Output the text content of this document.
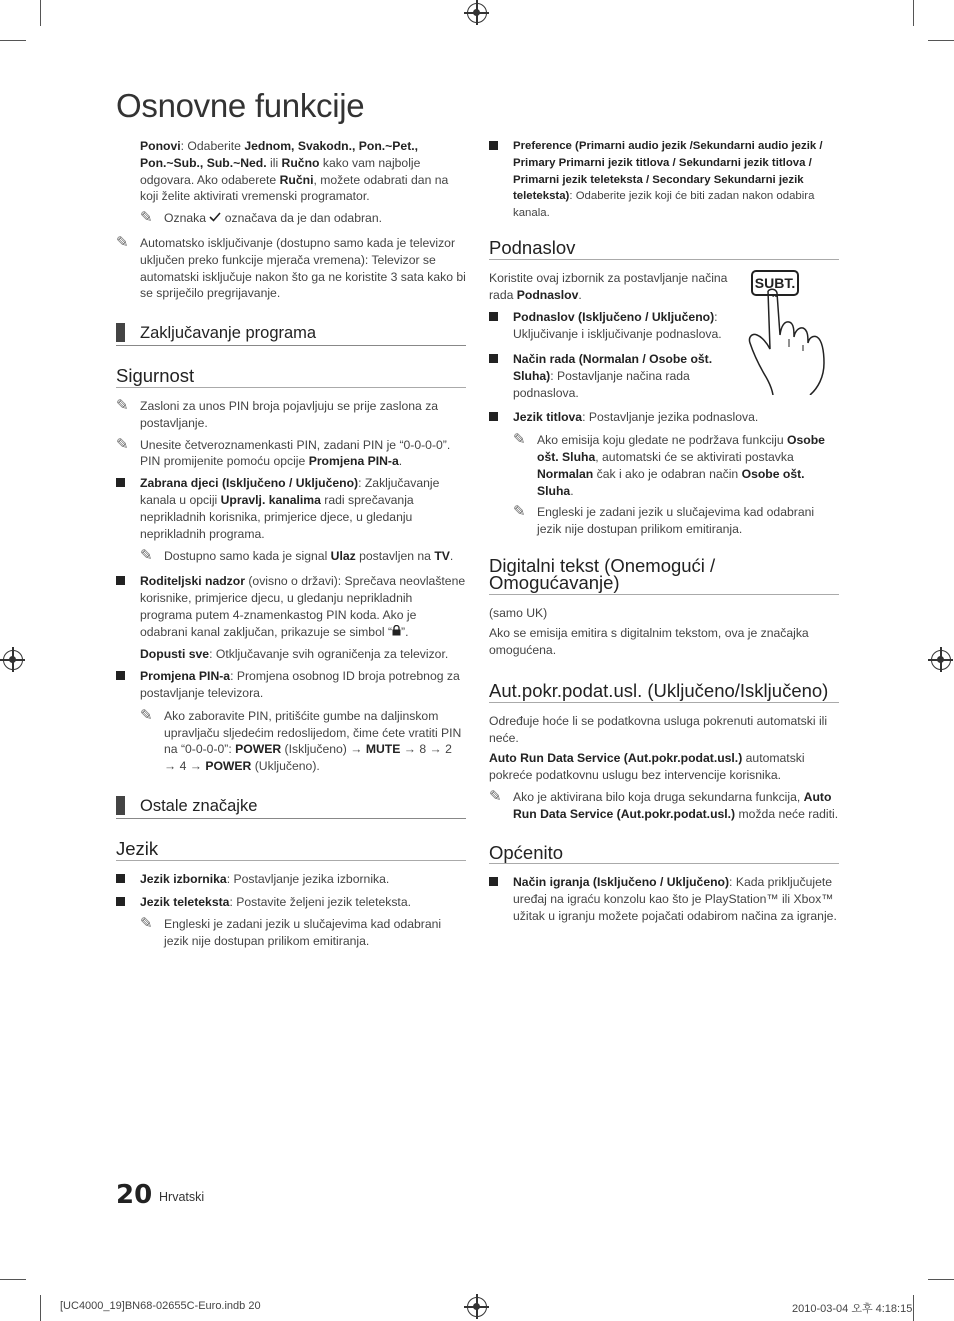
Osnovne funkcije
Ponovi: Odaberite Jednom, Svakodn., Pon.~Pet., Pon.~Sub., Sub.~Ned. ili Ručno kako vam najbolje odgovara. Ako odaberete Ručni, možete odabrati dan na koji želite aktivirati vremenski programator.
✎ Oznaka  označava da je dan odabran.
✎ Automatsko isključivanje (dostupno samo kada je televizor uključen preko funkcije mjerača vremena): Televizor se automatski isključuje nakon što ga ne koristite 3 sata kako bi se spriječilo pregrijavanje.
Zaključavanje programa
Sigurnost
✎ Zasloni za unos PIN broja pojavljuju se prije zaslona za postavljanje.
✎ Unesite četveroznamenkasti PIN, zadani PIN je “0-0-0-0”. PIN promijenite pomoću opcije Promjena PIN-a.
Zabrana djeci (Isključeno / Uključeno): Zaključavanje kanala u opciji Upravlj. kanalima radi sprečavanja neprikladnih korisnika, primjerice djece, u gledanju neprikladnih programa.
✎ Dostupno samo kada je signal Ulaz postavljen na TV.
Roditeljski nadzor (ovisno o državi): Sprečava neovlaštene korisnike, primjerice djecu, u gledanju neprikladnih programa putem 4-znamenkastog PIN koda. Ako je odabrani kanal zaključan, prikazuje se simbol “ ”.
Dopusti sve: Otključavanje svih ograničenja za televizor.
Promjena PIN-a: Promjena osobnog ID broja potrebnog za postavljanje televizora.
✎ Ako zaboravite PIN, pritišćite gumbe na daljinskom upravljaču sljedećim redoslijedom, čime ćete vratiti PIN na “0-0-0-0”: POWER (Isključeno) → MUTE → 8 → 2 → 4 → POWER (Uključeno).
Ostale značajke
Jezik
Jezik izbornika: Postavljanje jezika izbornika.
Jezik teleteksta: Postavite željeni jezik teleteksta.
✎ Engleski je zadani jezik u slučajevima kad odabrani jezik nije dostupan prilikom emitiranja.
Preference (Primarni audio jezik /Sekundarni audio jezik / Primary Primarni jezik titlova / Sekundarni jezik titlova / Primarni jezik teleteksta / Secondary Sekundarni jezik teleteksta): Odaberite jezik koji će biti zadan nakon odabira kanala.
Podnaslov
Koristite ovaj izbornik za postavljanje načina rada Podnaslov.
Podnaslov (Isključeno / Uključeno): Uključivanje i isključivanje podnaslova.
Način rada (Normalan / Osobe ošt. Sluha): Postavljanje načina rada podnaslova.
Jezik titlova: Postavljanje jezika podnaslova.
✎ Ako emisija koju gledate ne podržava funkciju Osobe ošt. Sluha, automatski će se aktivirati postavka Normalan čak i ako je odabran način Osobe ošt. Sluha.
✎ Engleski je zadani jezik u slučajevima kad odabrani jezik nije dostupan prilikom emitiranja.
Digitalni tekst (Onemogući / Omogućavanje)
(samo UK)
Ako se emisija emitira s digitalnim tekstom, ova je značajka omogućena.
Aut.pokr.podat.usl. (Uključeno/Isključeno)
Određuje hoće li se podatkovna usluga pokrenuti automatski ili neće.
Auto Run Data Service (Aut.pokr.podat.usl.) automatski pokreće podatkovnu uslugu bez intervencije korisnika.
✎ Ako je aktivirana bilo koja druga sekundarna funkcija, Auto Run Data Service (Aut.pokr.podat.usl.) možda neće raditi.
Općenito
Način igranja (Isključeno / Uključeno): Kada priključujete uređaj na igraću konzolu kao što je PlayStation™ ili Xbox™ užitak u igranju možete pojačati odabirom načina za igranje.
SUBT.
20 Hrvatski
[UC4000_19]BN68-02655C-Euro.indb 20	2010-03-04 오후 4:18:15
